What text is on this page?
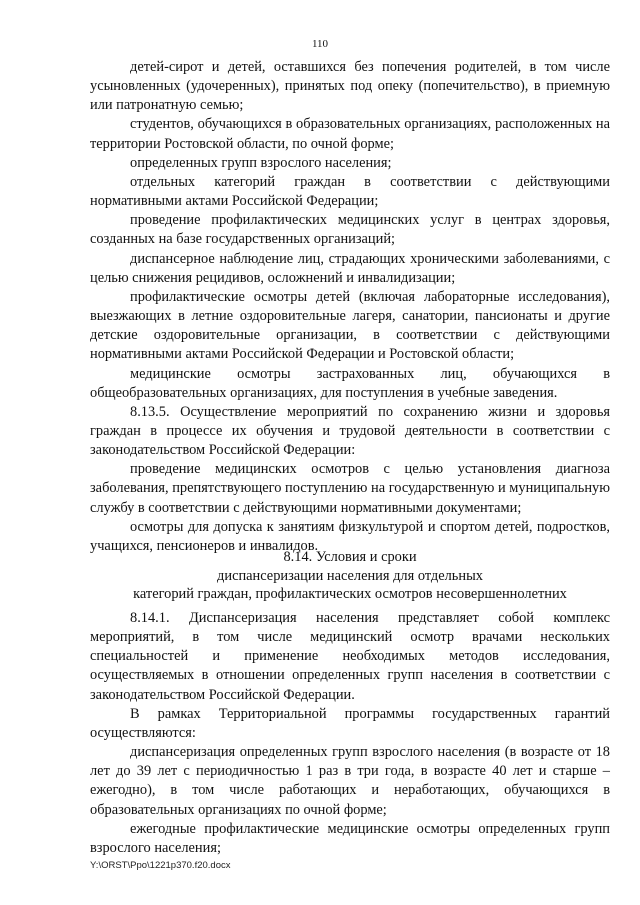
110

детей-сирот и детей, оставшихся без попечения родителей, в том числе усыновленных (удочеренных), принятых под опеку (попечительство), в приемную или патронатную семью;

студентов, обучающихся в образовательных организациях, расположенных на территории Ростовской области, по очной форме;

определенных групп взрослого населения;

отдельных категорий граждан в соответствии с действующими нормативными актами Российской Федерации;

проведение профилактических медицинских услуг в центрах здоровья, созданных на базе государственных организаций;

диспансерное наблюдение лиц, страдающих хроническими заболеваниями, с целью снижения рецидивов, осложнений и инвалидизации;

профилактические осмотры детей (включая лабораторные исследования), выезжающих в летние оздоровительные лагеря, санатории, пансионаты и другие детские оздоровительные организации, в соответствии с действующими нормативными актами Российской Федерации и Ростовской области;

медицинские осмотры застрахованных лиц, обучающихся в общеобразовательных организациях, для поступления в учебные заведения.

8.13.5. Осуществление мероприятий по сохранению жизни и здоровья граждан в процессе их обучения и трудовой деятельности в соответствии с законодательством Российской Федерации:

проведение медицинских осмотров с целью установления диагноза заболевания, препятствующего поступлению на государственную и муниципальную службу в соответствии с действующими нормативными документами;

осмотры для допуска к занятиям физкультурой и спортом детей, подростков, учащихся, пенсионеров и инвалидов.

8.14. Условия и сроки
диспансеризации населения для отдельных
категорий граждан, профилактических осмотров несовершеннолетних

8.14.1. Диспансеризация населения представляет собой комплекс мероприятий, в том числе медицинский осмотр врачами нескольких специальностей и применение необходимых методов исследования, осуществляемых в отношении определенных групп населения в соответствии с законодательством Российской Федерации.

В рамках Территориальной программы государственных гарантий осуществляются:

диспансеризация определенных групп взрослого населения (в возрасте от 18 лет до 39 лет с периодичностью 1 раз в три года, в возрасте 40 лет и старше – ежегодно), в том числе работающих и неработающих, обучающихся в образовательных организациях по очной форме;

ежегодные профилактические медицинские осмотры определенных групп взрослого населения;

Y:\ORST\Ppo\1221p370.f20.docx
